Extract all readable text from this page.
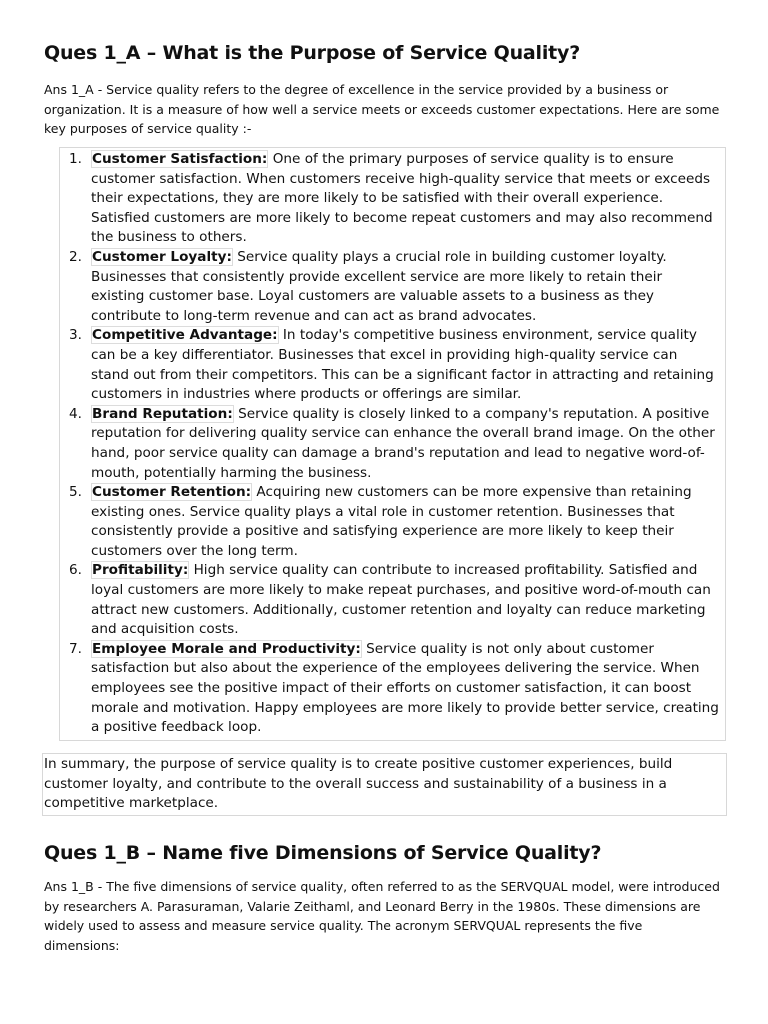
Ques 1_A – What is the Purpose of Service Quality?

Ans 1_A - Service quality refers to the degree of excellence in the service provided by a business or organization. It is a measure of how well a service meets or exceeds customer expectations. Here are some key purposes of service quality :-

1. Customer Satisfaction: One of the primary purposes of service quality is to ensure customer satisfaction. When customers receive high-quality service that meets or exceeds their expectations, they are more likely to be satisfied with their overall experience. Satisfied customers are more likely to become repeat customers and may also recommend the business to others.
2. Customer Loyalty: Service quality plays a crucial role in building customer loyalty. Businesses that consistently provide excellent service are more likely to retain their existing customer base. Loyal customers are valuable assets to a business as they contribute to long-term revenue and can act as brand advocates.
3. Competitive Advantage: In today's competitive business environment, service quality can be a key differentiator. Businesses that excel in providing high-quality service can stand out from their competitors. This can be a significant factor in attracting and retaining customers in industries where products or offerings are similar.
4. Brand Reputation: Service quality is closely linked to a company's reputation. A positive reputation for delivering quality service can enhance the overall brand image. On the other hand, poor service quality can damage a brand's reputation and lead to negative word-of-mouth, potentially harming the business.
5. Customer Retention: Acquiring new customers can be more expensive than retaining existing ones. Service quality plays a vital role in customer retention. Businesses that consistently provide a positive and satisfying experience are more likely to keep their customers over the long term.
6. Profitability: High service quality can contribute to increased profitability. Satisfied and loyal customers are more likely to make repeat purchases, and positive word-of-mouth can attract new customers. Additionally, customer retention and loyalty can reduce marketing and acquisition costs.
7. Employee Morale and Productivity: Service quality is not only about customer satisfaction but also about the experience of the employees delivering the service. When employees see the positive impact of their efforts on customer satisfaction, it can boost morale and motivation. Happy employees are more likely to provide better service, creating a positive feedback loop.
In summary, the purpose of service quality is to create positive customer experiences, build customer loyalty, and contribute to the overall success and sustainability of a business in a competitive marketplace.
Ques 1_B – Name five Dimensions of Service Quality?

Ans 1_B - The five dimensions of service quality, often referred to as the SERVQUAL model, were introduced by researchers A. Parasuraman, Valarie Zeithaml, and Leonard Berry in the 1980s. These dimensions are widely used to assess and measure service quality. The acronym SERVQUAL represents the five dimensions:
